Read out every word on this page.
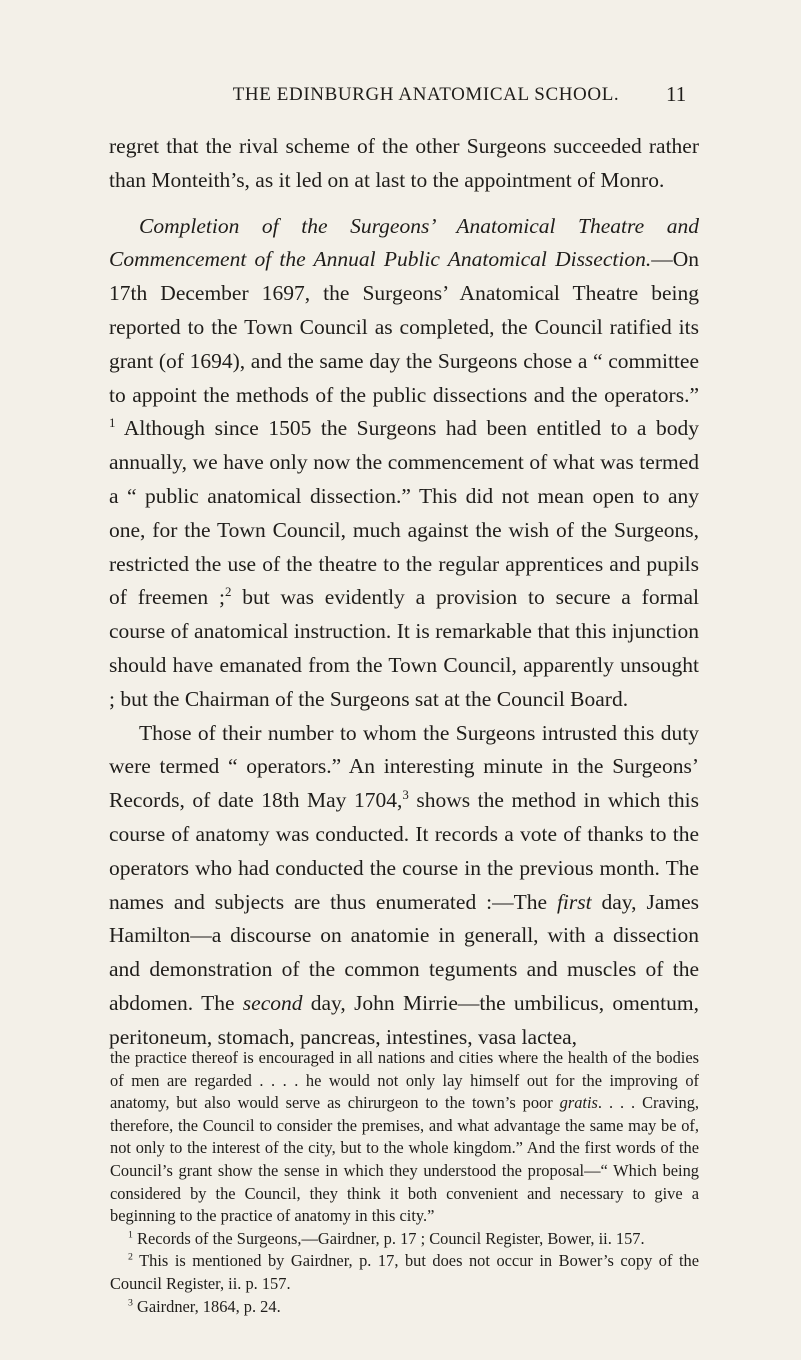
THE EDINBURGH ANATOMICAL SCHOOL.	11

regret that the rival scheme of the other Surgeons succeeded rather than Monteith’s, as it led on at last to the appointment of Monro.

Completion of the Surgeons’ Anatomical Theatre and Commencement of the Annual Public Anatomical Dissection.—On 17th December 1697, the Surgeons’ Anatomical Theatre being reported to the Town Council as completed, the Council ratified its grant (of 1694), and the same day the Surgeons chose a “ committee to appoint the methods of the public dissections and the operators.” $^1$ Although since 1505 the Surgeons had been entitled to a body annually, we have only now the commencement of what was termed a “ public anatomical dissection.” This did not mean open to any one, for the Town Council, much against the wish of the Surgeons, restricted the use of the theatre to the regular apprentices and pupils of freemen ;$^2$ but was evidently a provision to secure a formal course of anatomical instruction. It is remarkable that this injunction should have emanated from the Town Council, apparently unsought ; but the Chairman of the Surgeons sat at the Council Board.

Those of their number to whom the Surgeons intrusted this duty were termed “ operators.” An interesting minute in the Surgeons’ Records, of date 18th May 1704,$^3$ shows the method in which this course of anatomy was conducted. It records a vote of thanks to the operators who had conducted the course in the previous month. The names and subjects are thus enumerated :—The first day, James Hamilton—a discourse on anatomie in generall, with a dissection and demonstration of the common teguments and muscles of the abdomen. The second day, John Mirrie—the umbilicus, omentum, peritoneum, stomach, pancreas, intestines, vasa lactea,

the practice thereof is encouraged in all nations and cities where the health of the bodies of men are regarded . . . . he would not only lay himself out for the improving of anatomy, but also would serve as chirurgeon to the town’s poor gratis. . . . Craving, therefore, the Council to consider the premises, and what advantage the same may be of, not only to the interest of the city, but to the whole kingdom.” And the first words of the Council’s grant show the sense in which they understood the proposal—“ Which being considered by the Council, they think it both convenient and necessary to give a beginning to the practice of anatomy in this city.”

$^1$ Records of the Surgeons,—Gairdner, p. 17 ; Council Register, Bower, ii. 157.

$^2$ This is mentioned by Gairdner, p. 17, but does not occur in Bower’s copy of the Council Register, ii. p. 157.

$^3$ Gairdner, 1864, p. 24.
